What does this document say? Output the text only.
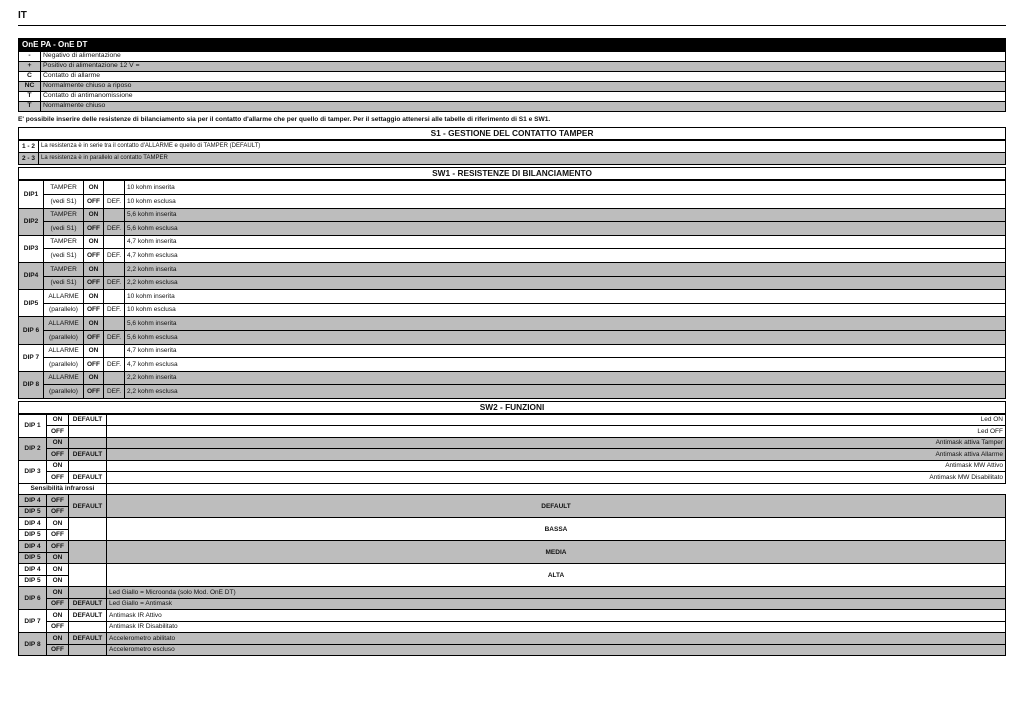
IT
OnE PA - OnE DT
-	Negativo di alimentazione
+	Positivo di alimentazione 12 V =
C	Contatto di allarme
NC	Normalmente chiuso a riposo
T	Contatto di antimanomissione
T	Normalmente chiuso
E' possibile inserire delle resistenze di bilanciamento sia per il contatto d'allarme che per quello di tamper. Per il settaggio attenersi alle tabelle di riferimento di S1 e SW1.
S1 - GESTIONE DEL CONTATTO TAMPER
1 - 2	La resistenza è in serie tra il contatto d'ALLARME e quello di TAMPER (DEFAULT)
2 - 3	La resistenza è in parallelo al contatto TAMPER
SW1 - RESISTENZE DI BILANCIAMENTO
DIP1	TAMPER	ON		10 kohm inserita
	(vedi S1)	OFF	DEF.	10 kohm esclusa
DIP2	TAMPER	ON		5,6 kohm inserita
	(vedi S1)	OFF	DEF.	5,6 kohm esclusa
DIP3	TAMPER	ON		4,7 kohm inserita
	(vedi S1)	OFF	DEF.	4,7 kohm esclusa
DIP4	TAMPER	ON		2,2 kohm inserita
	(vedi S1)	OFF	DEF.	2,2 kohm esclusa
DIP5	ALLARME	ON		10 kohm inserita
	(parallelo)	OFF	DEF.	10 kohm esclusa
DIP 6	ALLARME	ON		5,6 kohm inserita
	(parallelo)	OFF	DEF.	5,6 kohm esclusa
DIP 7	ALLARME	ON		4,7 kohm inserita
	(parallelo)	OFF	DEF.	4,7 kohm esclusa
DIP 8	ALLARME	ON		2,2 kohm inserita
	(parallelo)	OFF	DEF.	2,2 kohm esclusa
SW2 - FUNZIONI
DIP 1	ON	DEFAULT	Led ON
	OFF		Led OFF
DIP 2	ON		Antimask attiva Tamper
	OFF	DEFAULT	Antimask attiva Allarme
DIP 3	ON		Antimask MW Attivo
	OFF	DEFAULT	Antimask MW Disabilitato
Sensibilità infrarossi			
DIP 4	OFF	DEFAULT	DEFAULT
DIP 5	OFF		
DIP 4	ON		BASSA
DIP 5	OFF		
DIP 4	OFF		MEDIA
DIP 5	ON		
DIP 4	ON		ALTA
DIP 5	ON		
DIP 6	ON		Led Giallo = Microonda (solo Mod. OnE DT)
	OFF	DEFAULT	Led Giallo = Antimask
DIP 7	ON	DEFAULT	Antimask IR Attivo
	OFF		Antimask IR Disabilitato
DIP 8	ON	DEFAULT	Accelerometro abilitato
	OFF		Accelerometro escluso
